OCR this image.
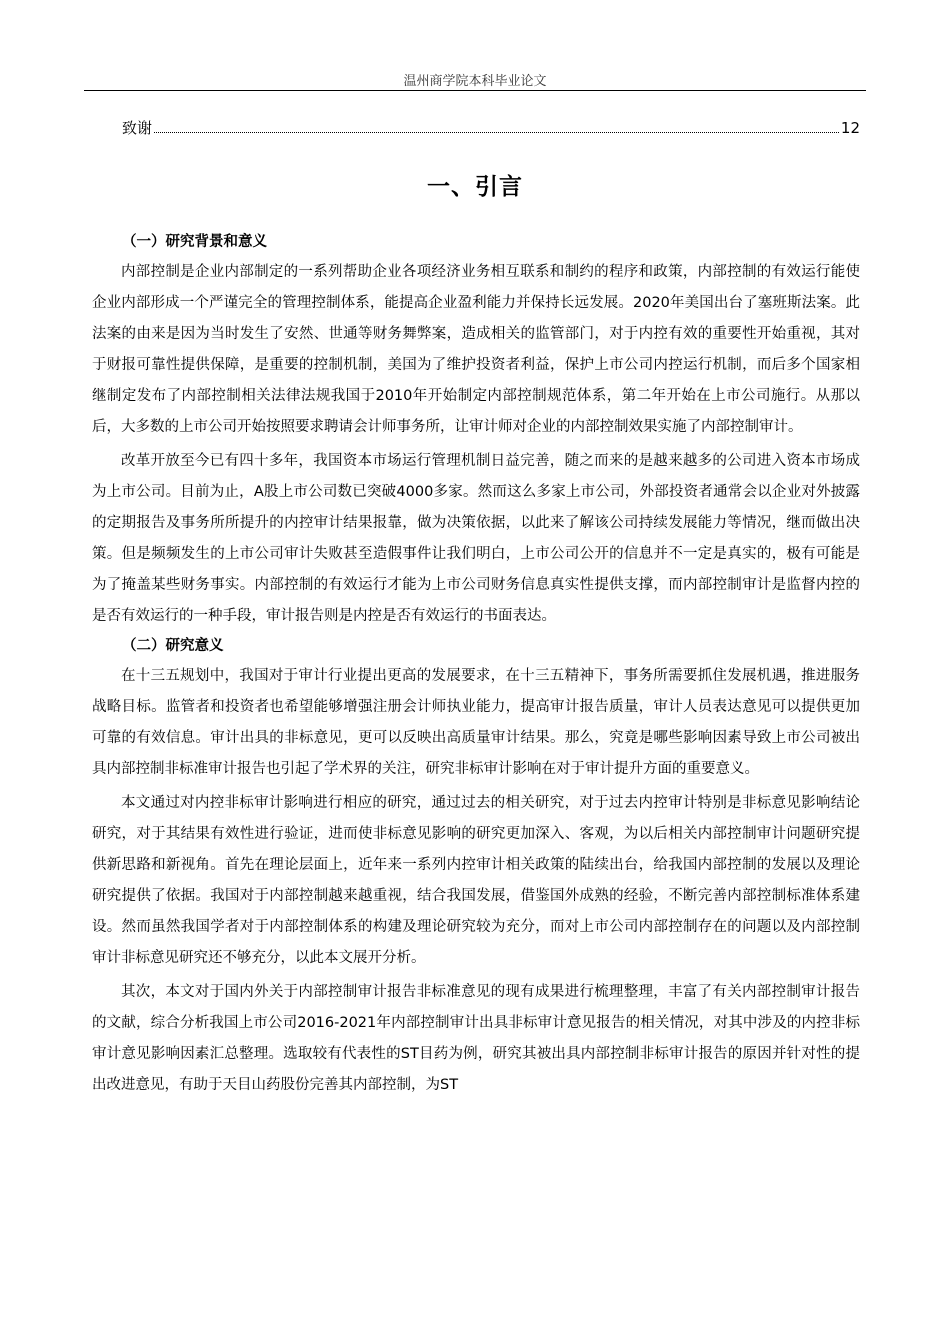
温州商学院本科毕业论文
致谢	12
一、引言
（一）研究背景和意义

内部控制是企业内部制定的一系列帮助企业各项经济业务相互联系和制约的程序和政策，内部控制的有效运行能使企业内部形成一个严谨完全的管理控制体系，能提高企业盈利能力并保持长远发展。2020年美国出台了塞班斯法案。此法案的由来是因为当时发生了安然、世通等财务舞弊案，造成相关的监管部门，对于内控有效的重要性开始重视，其对于财报可靠性提供保障，是重要的控制机制，美国为了维护投资者利益，保护上市公司内控运行机制，而后多个国家相继制定发布了内部控制相关法律法规我国于2010年开始制定内部控制规范体系，第二年开始在上市公司施行。从那以后，大多数的上市公司开始按照要求聘请会计师事务所，让审计师对企业的内部控制效果实施了内部控制审计。

改革开放至今已有四十多年，我国资本市场运行管理机制日益完善，随之而来的是越来越多的公司进入资本市场成为上市公司。目前为止，A股上市公司数已突破4000多家。然而这么多家上市公司，外部投资者通常会以企业对外披露的定期报告及事务所所提升的内控审计结果报靠，做为决策依据，以此来了解该公司持续发展能力等情况，继而做出决策。但是频频发生的上市公司审计失败甚至造假事件让我们明白，上市公司公开的信息并不一定是真实的，极有可能是为了掩盖某些财务事实。内部控制的有效运行才能为上市公司财务信息真实性提供支撑，而内部控制审计是监督内控的是否有效运行的一种手段，审计报告则是内控是否有效运行的书面表达。

（二）研究意义

在十三五规划中，我国对于审计行业提出更高的发展要求，在十三五精神下，事务所需要抓住发展机遇，推进服务战略目标。监管者和投资者也希望能够增强注册会计师执业能力，提高审计报告质量，审计人员表达意见可以提供更加可靠的有效信息。审计出具的非标意见，更可以反映出高质量审计结果。那么，究竟是哪些影响因素导致上市公司被出具内部控制非标准审计报告也引起了学术界的关注，研究非标审计影响在对于审计提升方面的重要意义。

本文通过对内控非标审计影响进行相应的研究，通过过去的相关研究，对于过去内控审计特别是非标意见影响结论研究，对于其结果有效性进行验证，进而使非标意见影响的研究更加深入、客观，为以后相关内部控制审计问题研究提供新思路和新视角。首先在理论层面上，近年来一系列内控审计相关政策的陆续出台，给我国内部控制的发展以及理论研究提供了依据。我国对于内部控制越来越重视，结合我国发展，借鉴国外成熟的经验，不断完善内部控制标准体系建设。然而虽然我国学者对于内部控制体系的构建及理论研究较为充分，而对上市公司内部控制存在的问题以及内部控制审计非标意见研究还不够充分，以此本文展开分析。

其次，本文对于国内外关于内部控制审计报告非标准意见的现有成果进行梳理整理，丰富了有关内部控制审计报告的文献，综合分析我国上市公司2016-2021年内部控制审计出具非标审计意见报告的相关情况，对其中涉及的内控非标审计意见影响因素汇总整理。选取较有代表性的ST目药为例，研究其被出具内部控制非标审计报告的原因并针对性的提出改进意见，有助于天目山药股份完善其内部控制，为ST
